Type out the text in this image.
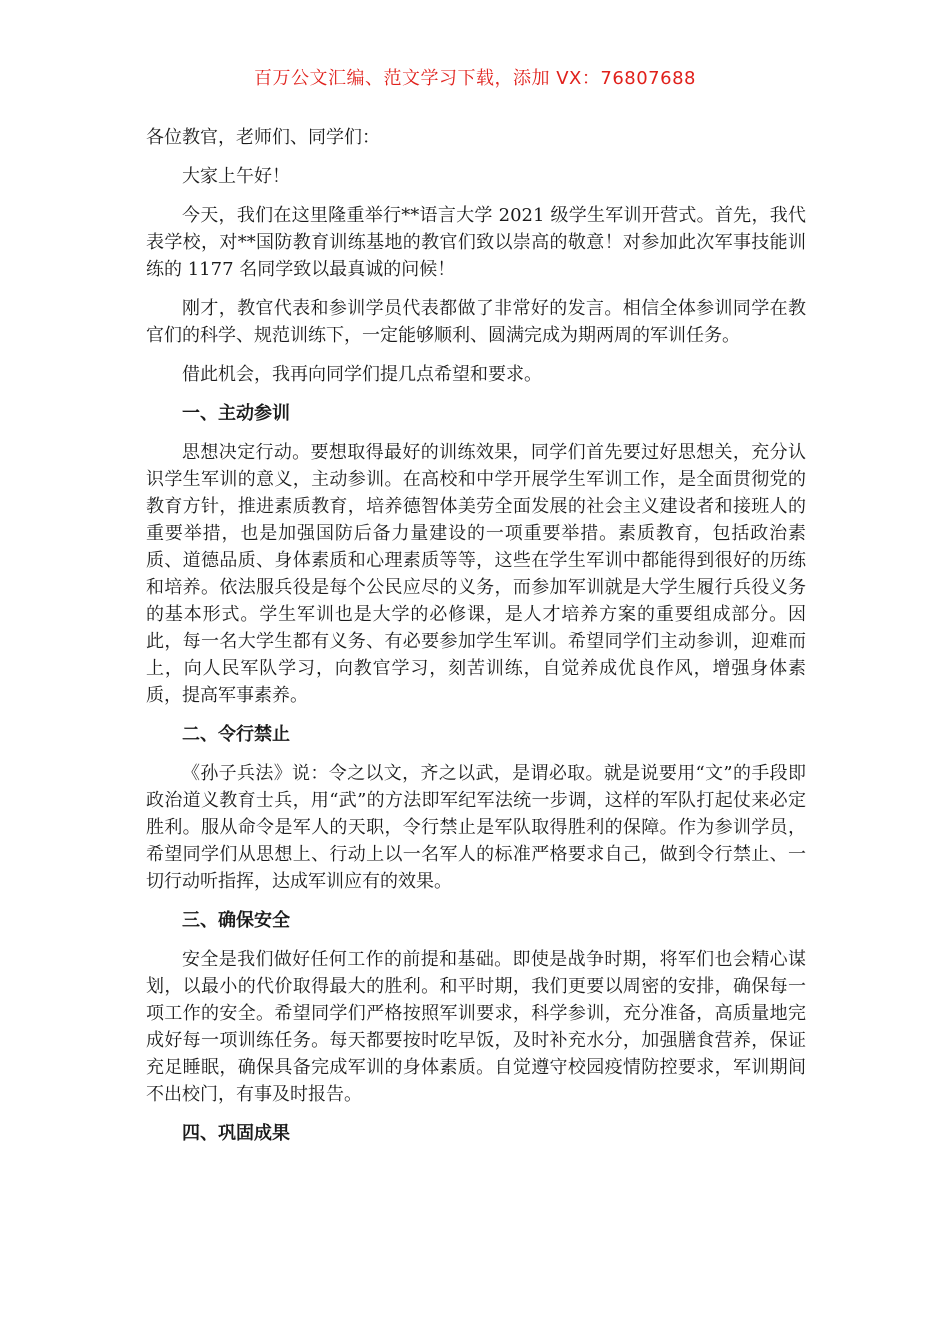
百万公文汇编、范文学习下载，添加 VX：76807688

各位教官，老师们、同学们：

大家上午好！

今天，我们在这里隆重举行**语言大学 2021 级学生军训开营式。首先，我代表学校，对**国防教育训练基地的教官们致以崇高的敬意！对参加此次军事技能训练的 1177 名同学致以最真诚的问候！

刚才，教官代表和参训学员代表都做了非常好的发言。相信全体参训同学在教官们的科学、规范训练下，一定能够顺利、圆满完成为期两周的军训任务。

借此机会，我再向同学们提几点希望和要求。

一、主动参训

思想决定行动。要想取得最好的训练效果，同学们首先要过好思想关，充分认识学生军训的意义，主动参训。在高校和中学开展学生军训工作，是全面贯彻党的教育方针，推进素质教育，培养德智体美劳全面发展的社会主义建设者和接班人的重要举措，也是加强国防后备力量建设的一项重要举措。素质教育，包括政治素质、道德品质、身体素质和心理素质等等，这些在学生军训中都能得到很好的历练和培养。依法服兵役是每个公民应尽的义务，而参加军训就是大学生履行兵役义务的基本形式。学生军训也是大学的必修课，是人才培养方案的重要组成部分。因此，每一名大学生都有义务、有必要参加学生军训。希望同学们主动参训，迎难而上，向人民军队学习，向教官学习，刻苦训练，自觉养成优良作风，增强身体素质，提高军事素养。

二、令行禁止

《孙子兵法》说：令之以文，齐之以武，是谓必取。就是说要用“文”的手段即政治道义教育士兵，用“武”的方法即军纪军法统一步调，这样的军队打起仗来必定胜利。服从命令是军人的天职，令行禁止是军队取得胜利的保障。作为参训学员，希望同学们从思想上、行动上以一名军人的标准严格要求自己，做到令行禁止、一切行动听指挥，达成军训应有的效果。

三、确保安全

安全是我们做好任何工作的前提和基础。即使是战争时期，将军们也会精心谋划，以最小的代价取得最大的胜利。和平时期，我们更要以周密的安排，确保每一项工作的安全。希望同学们严格按照军训要求，科学参训，充分准备，高质量地完成好每一项训练任务。每天都要按时吃早饭，及时补充水分，加强膳食营养，保证充足睡眠，确保具备完成军训的身体素质。自觉遵守校园疫情防控要求，军训期间不出校门，有事及时报告。

四、巩固成果
